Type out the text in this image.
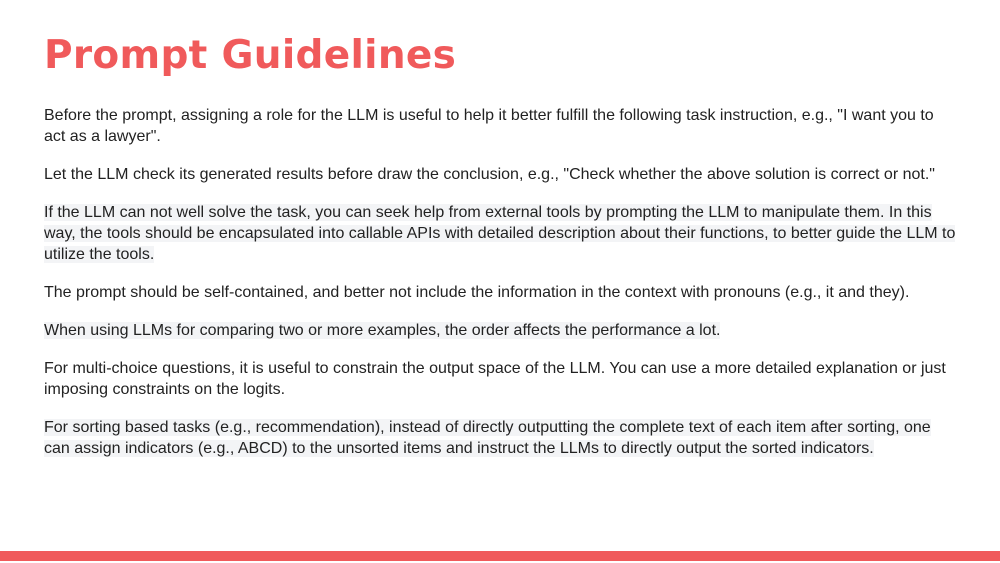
Prompt Guidelines

Before the prompt, assigning a role for the LLM is useful to help it better fulfill the following task instruction, e.g., "I want you to act as a lawyer".

Let the LLM check its generated results before draw the conclusion, e.g., "Check whether the above solution is correct or not."

If the LLM can not well solve the task, you can seek help from external tools by prompting the LLM to manipulate them. In this way, the tools should be encapsulated into callable APIs with detailed description about their functions, to better guide the LLM to utilize the tools.

The prompt should be self-contained, and better not include the information in the context with pronouns (e.g., it and they).

When using LLMs for comparing two or more examples, the order affects the performance a lot.

For multi-choice questions, it is useful to constrain the output space of the LLM. You can use a more detailed explanation or just imposing constraints on the logits.

For sorting based tasks (e.g., recommendation), instead of directly outputting the complete text of each item after sorting, one can assign indicators (e.g., ABCD) to the unsorted items and instruct the LLMs to directly output the sorted indicators.
